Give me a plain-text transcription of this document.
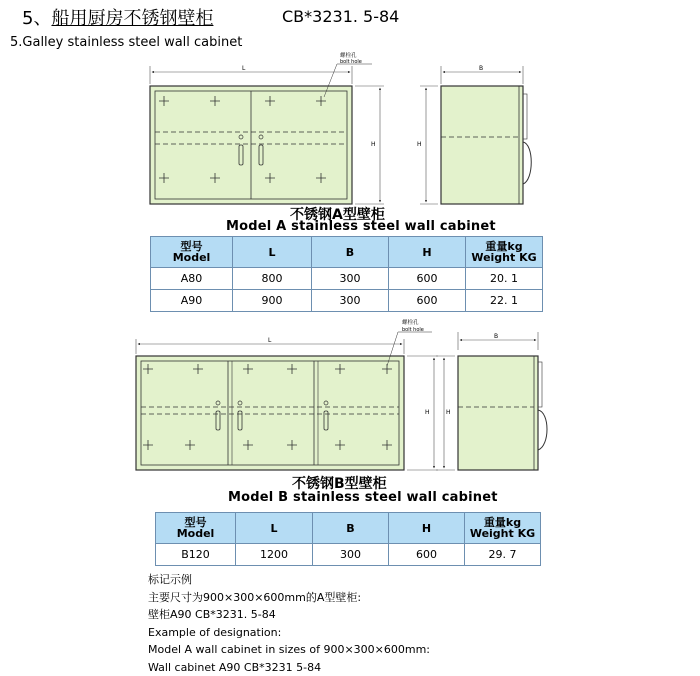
5、船用厨房不锈钢壁柜	CB*3231. 5-84
5.Galley stainless steel wall cabinet
L
螺栓孔
bolt hole
H
B
H
L
螺栓孔
bolt hole
H
B
H
不锈钢A型壁柜
Model A stainless steel wall cabinet
型号
Model	L	B	H	重量kg
Weight KG
A80	800	300	600	20. 1
A90	900	300	600	22. 1
不锈钢B型壁柜
Model B stainless steel wall cabinet
型号
Model	L	B	H	重量kg
Weight KG
B120	1200	300	600	29. 7
标记示例
主要尺寸为900×300×600mm的A型壁柜:
壁柜A90 CB*3231. 5-84
Example of designation:
Model A wall cabinet in sizes of 900×300×600mm:
Wall cabinet A90 CB*3231 5-84
